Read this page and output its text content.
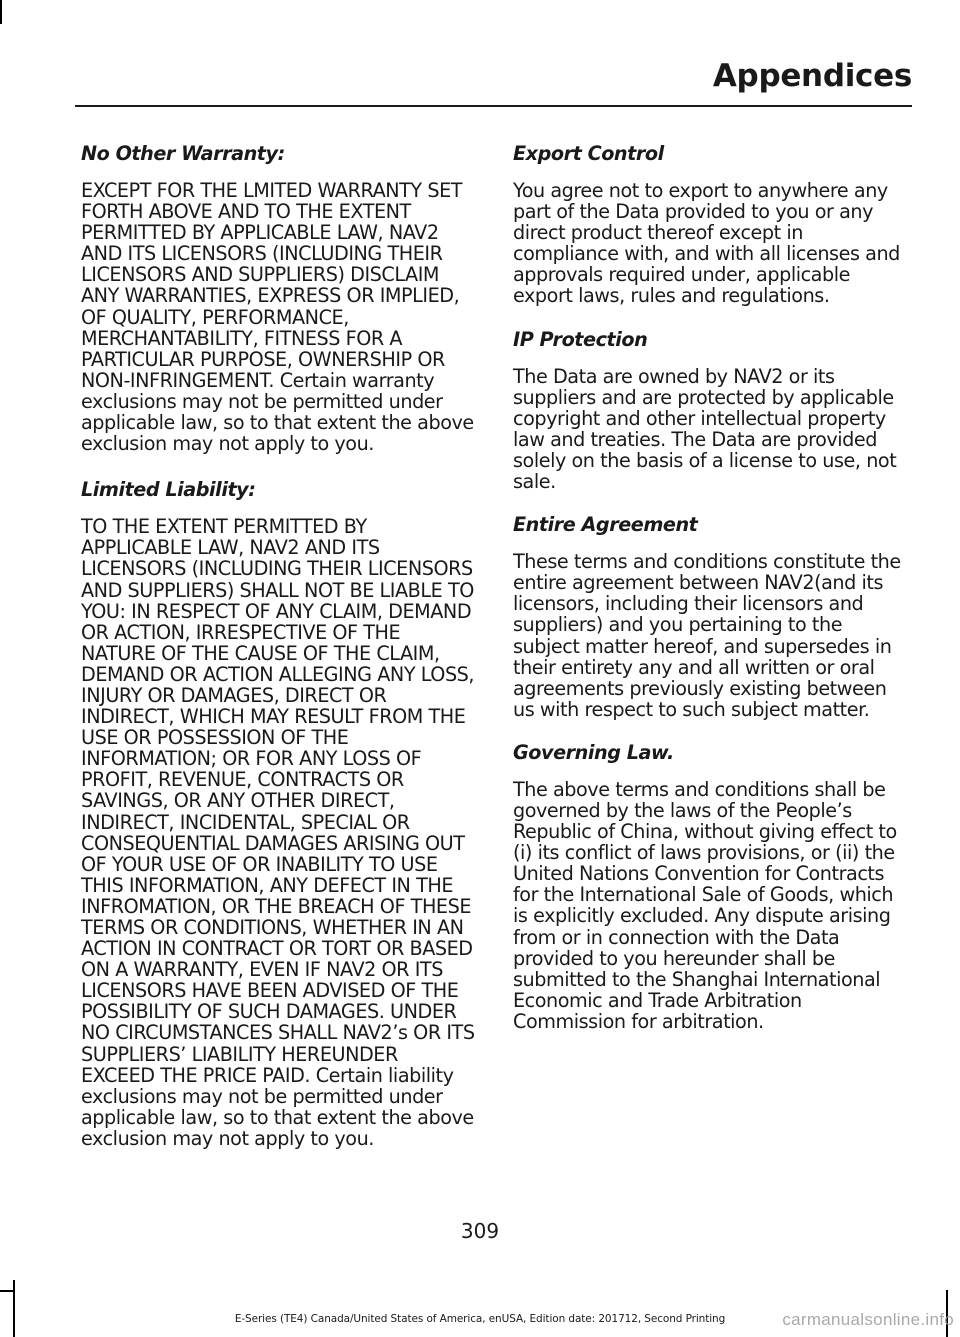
Appendices
No Other Warranty:

EXCEPT FOR THE LMITED WARRANTY SET FORTH ABOVE AND TO THE EXTENT PERMITTED BY APPLICABLE LAW, NAV2 AND ITS LICENSORS (INCLUDING THEIR LICENSORS AND SUPPLIERS) DISCLAIM ANY WARRANTIES, EXPRESS OR IMPLIED, OF QUALITY, PERFORMANCE, MERCHANTABILITY, FITNESS FOR A PARTICULAR PURPOSE, OWNERSHIP OR NON-INFRINGEMENT. Certain warranty exclusions may not be permitted under applicable law, so to that extent the above exclusion may not apply to you.

Limited Liability:

TO THE EXTENT PERMITTED BY APPLICABLE LAW, NAV2 AND ITS LICENSORS (INCLUDING THEIR LICENSORS AND SUPPLIERS) SHALL NOT BE LIABLE TO YOU: IN RESPECT OF ANY CLAIM, DEMAND OR ACTION, IRRESPECTIVE OF THE NATURE OF THE CAUSE OF THE CLAIM, DEMAND OR ACTION ALLEGING ANY LOSS, INJURY OR DAMAGES, DIRECT OR INDIRECT, WHICH MAY RESULT FROM THE USE OR POSSESSION OF THE INFORMATION; OR FOR ANY LOSS OF PROFIT, REVENUE, CONTRACTS OR SAVINGS, OR ANY OTHER DIRECT, INDIRECT, INCIDENTAL, SPECIAL OR CONSEQUENTIAL DAMAGES ARISING OUT OF YOUR USE OF OR INABILITY TO USE THIS INFORMATION, ANY DEFECT IN THE INFROMATION, OR THE BREACH OF THESE TERMS OR CONDITIONS, WHETHER IN AN ACTION IN CONTRACT OR TORT OR BASED ON A WARRANTY, EVEN IF NAV2 OR ITS LICENSORS HAVE BEEN ADVISED OF THE POSSIBILITY OF SUCH DAMAGES. UNDER NO CIRCUMSTANCES SHALL NAV2’s OR ITS SUPPLIERS’ LIABILITY HEREUNDER EXCEED THE PRICE PAID. Certain liability exclusions may not be permitted under applicable law, so to that extent the above exclusion may not apply to you.

Export Control

You agree not to export to anywhere any part of the Data provided to you or any direct product thereof except in compliance with, and with all licenses and approvals required under, applicable export laws, rules and regulations.

IP Protection

The Data are owned by NAV2 or its suppliers and are protected by applicable copyright and other intellectual property law and treaties. The Data are provided solely on the basis of a license to use, not sale.

Entire Agreement

These terms and conditions constitute the entire agreement between NAV2(and its licensors, including their licensors and suppliers) and you pertaining to the subject matter hereof, and supersedes in their entirety any and all written or oral agreements previously existing between us with respect to such subject matter.

Governing Law.

The above terms and conditions shall be governed by the laws of the People’s Republic of China, without giving effect to (i) its conflict of laws provisions, or (ii) the United Nations Convention for Contracts for the International Sale of Goods, which is explicitly excluded. Any dispute arising from or in connection with the Data provided to you hereunder shall be submitted to the Shanghai International Economic and Trade Arbitration Commission for arbitration.

309
E-Series (TE4) Canada/United States of America, enUSA, Edition date: 201712, Second Printing	carmanualsonline.info
